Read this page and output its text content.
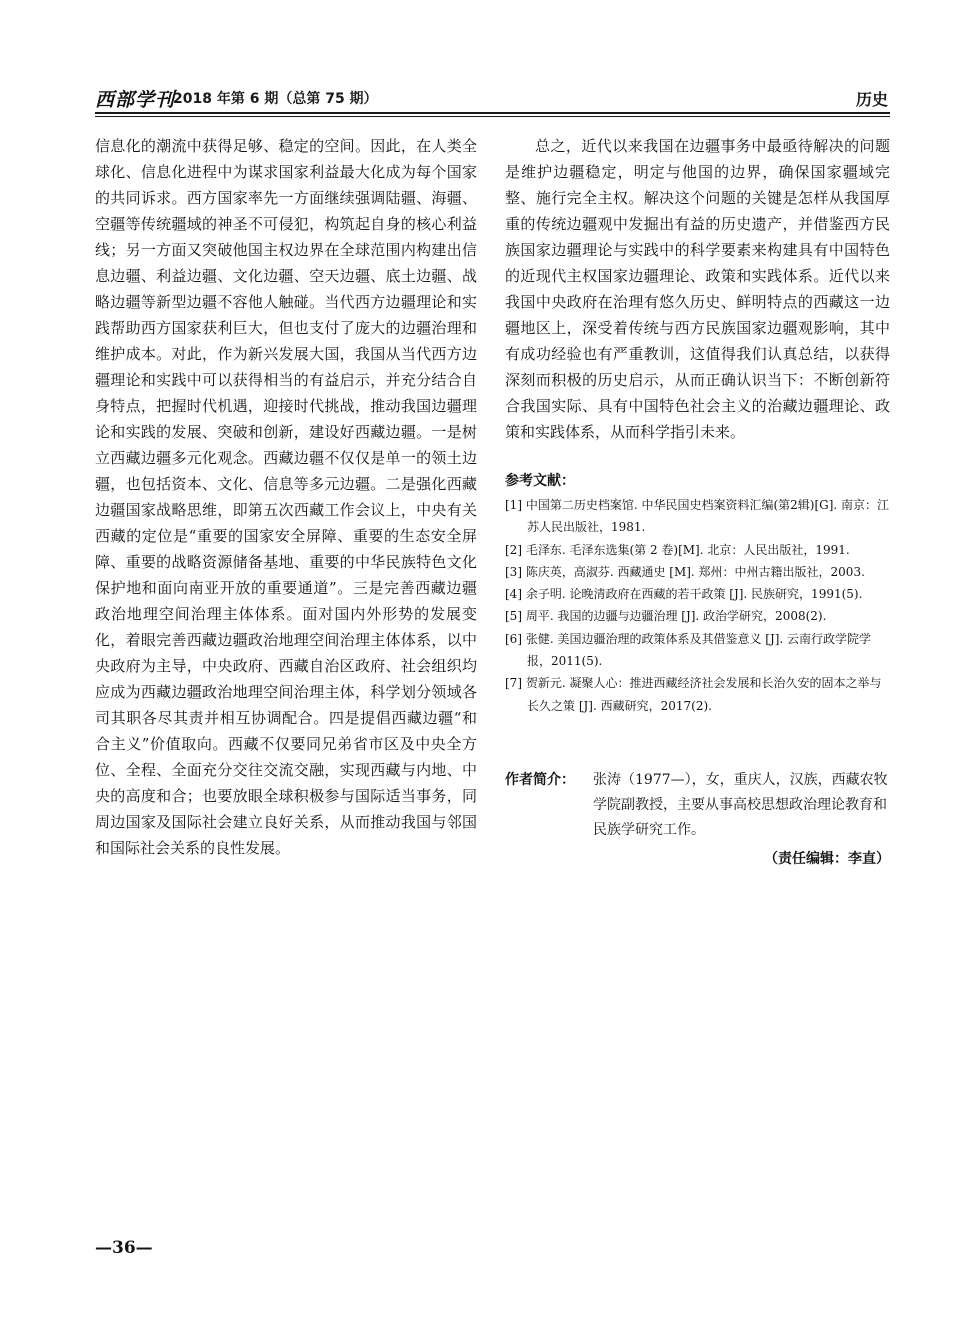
西部学刊
2018 年第 6 期（总第 75 期）	历史

信息化的潮流中获得足够、稳定的空间。因此，在人类全球化、信息化进程中为谋求国家利益最大化成为每个国家的共同诉求。西方国家率先一方面继续强调陆疆、海疆、空疆等传统疆域的神圣不可侵犯，构筑起自身的核心利益线；另一方面又突破他国主权边界在全球范围内构建出信息边疆、利益边疆、文化边疆、空天边疆、底土边疆、战略边疆等新型边疆不容他人触碰。当代西方边疆理论和实践帮助西方国家获利巨大，但也支付了庞大的边疆治理和维护成本。对此，作为新兴发展大国，我国从当代西方边疆理论和实践中可以获得相当的有益启示，并充分结合自身特点，把握时代机遇，迎接时代挑战，推动我国边疆理论和实践的发展、突破和创新，建设好西藏边疆。一是树立西藏边疆多元化观念。西藏边疆不仅仅是单一的领土边疆，也包括资本、文化、信息等多元边疆。二是强化西藏边疆国家战略思维，即第五次西藏工作会议上，中央有关西藏的定位是“重要的国家安全屏障、重要的生态安全屏障、重要的战略资源储备基地、重要的中华民族特色文化保护地和面向南亚开放的重要通道”。三是完善西藏边疆政治地理空间治理主体体系。面对国内外形势的发展变化，着眼完善西藏边疆政治地理空间治理主体体系，以中央政府为主导，中央政府、西藏自治区政府、社会组织均应成为西藏边疆政治地理空间治理主体，科学划分领域各司其职各尽其责并相互协调配合。四是提倡西藏边疆“和合主义”价值取向。西藏不仅要同兄弟省市区及中央全方位、全程、全面充分交往交流交融，实现西藏与内地、中央的高度和合；也要放眼全球积极参与国际适当事务，同周边国家及国际社会建立良好关系，从而推动我国与邻国和国际社会关系的良性发展。

总之，近代以来我国在边疆事务中最亟待解决的问题是维护边疆稳定，明定与他国的边界，确保国家疆域完整、施行完全主权。解决这个问题的关键是怎样从我国厚重的传统边疆观中发掘出有益的历史遗产，并借鉴西方民族国家边疆理论与实践中的科学要素来构建具有中国特色的近现代主权国家边疆理论、政策和实践体系。近代以来我国中央政府在治理有悠久历史、鲜明特点的西藏这一边疆地区上，深受着传统与西方民族国家边疆观影响，其中有成功经验也有严重教训，这值得我们认真总结，以获得深刻而积极的历史启示，从而正确认识当下：不断创新符合我国实际、具有中国特色社会主义的治藏边疆理论、政策和实践体系，从而科学指引未来。

参考文献：
[1] 中国第二历史档案馆. 中华民国史档案资料汇编(第2辑)[G]. 南京：江苏人民出版社，1981.
[2] 毛泽东. 毛泽东选集(第 2 卷)[M]. 北京：人民出版社，1991.
[3] 陈庆英，高淑芬. 西藏通史 [M]. 郑州：中州古籍出版社，2003.
[4] 余子明. 论晚清政府在西藏的若干政策 [J]. 民族研究，1991(5).
[5] 周平. 我国的边疆与边疆治理 [J]. 政治学研究，2008(2).
[6] 张健. 美国边疆治理的政策体系及其借鉴意义 [J]. 云南行政学院学报，2011(5).
[7] 贺新元. 凝聚人心：推进西藏经济社会发展和长治久安的固本之举与长久之策 [J]. 西藏研究，2017(2).
作者简介： 张涛（1977—），女，重庆人，汉族，西藏农牧学院副教授，主要从事高校思想政治理论教育和民族学研究工作。
（责任编辑：李直）
—36—
